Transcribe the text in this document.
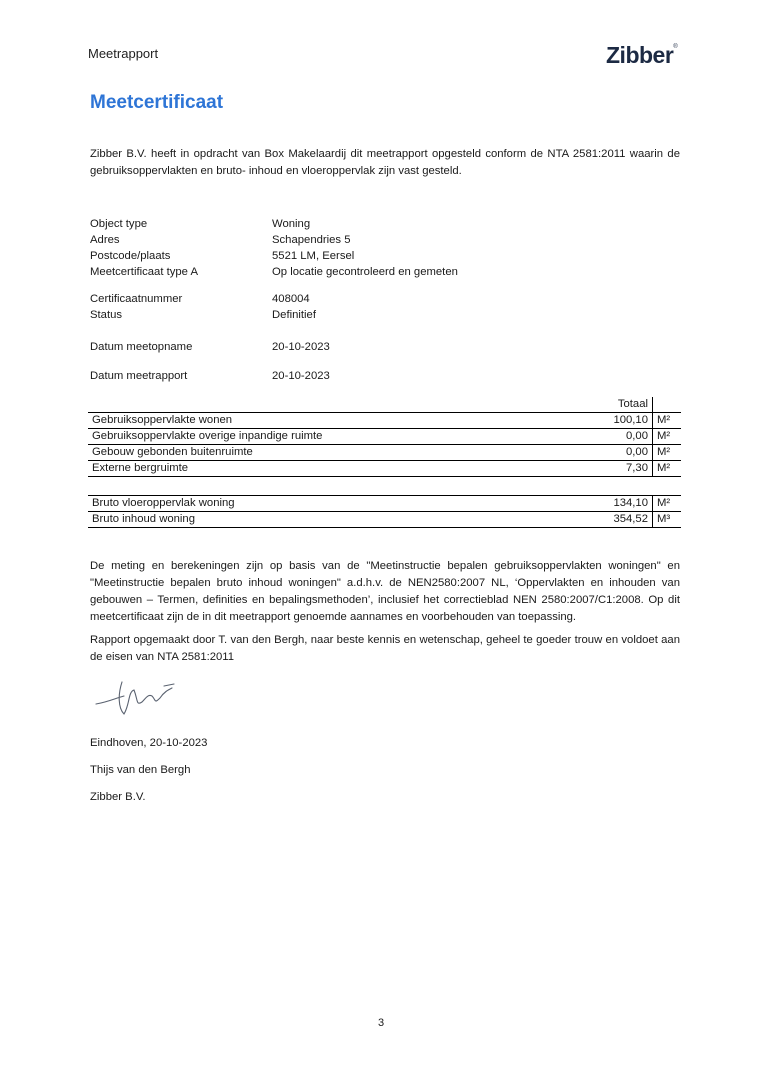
Meetrapport	Zibber®
Meetcertificaat
Zibber B.V. heeft in opdracht van Box Makelaardij dit meetrapport opgesteld conform de NTA 2581:2011 waarin de gebruiksoppervlakten en bruto- inhoud en vloeroppervlak zijn vast gesteld.
Object type	Woning
Adres	Schapendries 5
Postcode/plaats	5521 LM, Eersel
Meetcertificaat type A	Op locatie gecontroleerd en gemeten
Certificaatnummer	408004
Status	Definitief
Datum meetopname	20-10-2023
Datum meetrapport	20-10-2023
	Totaal	
Gebruiksoppervlakte wonen	100,10	M²
Gebruiksoppervlakte overige inpandige ruimte	0,00	M²
Gebouw gebonden buitenruimte	0,00	M²
Externe bergruimte	7,30	M²
Bruto vloeroppervlak woning	134,10	M²
Bruto inhoud woning	354,52	M³
De meting en berekeningen zijn op basis van de "Meetinstructie bepalen gebruiksoppervlakten woningen" en "Meetinstructie bepalen bruto inhoud woningen" a.d.h.v. de NEN2580:2007 NL, ‘Oppervlakten en inhouden van gebouwen – Termen, definities en bepalingsmethoden’, inclusief het correctieblad NEN 2580:2007/C1:2008. Op dit meetcertificaat zijn de in dit meetrapport genoemde aannames en voorbehouden van toepassing.
Rapport opgemaakt door T. van den Bergh, naar beste kennis en wetenschap, geheel te goeder trouw en voldoet aan de eisen van NTA 2581:2011
Eindhoven, 20-10-2023
Thijs van den Bergh
Zibber B.V.
3
